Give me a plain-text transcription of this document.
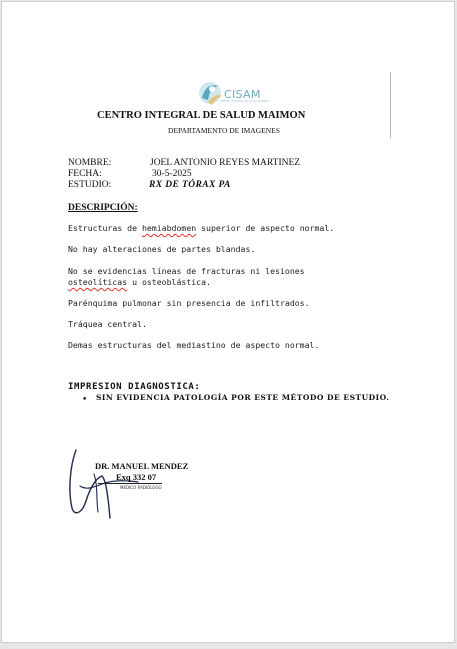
CISAM
CENTRO INTEGRAL DE SALUD MAIMON
CENTRO INTEGRAL DE SALUD MAIMON
DEPARTAMENTO DE IMAGENES
NOMBRE:	JOEL ANTONIO REYES MARTINEZ
FECHA:	30-5-2025
ESTUDIO:	RX DE TÓRAX PA
DESCRIPCIÓN:
Estructuras de hemiabdomen superior de aspecto normal.
No hay alteraciones de partes blandas.
No se evidencias líneas de fracturas ni lesiones osteolíticas u osteoblástica.
Parénquima pulmonar sin presencia de infiltrados.
Tráquea central.
Demas estructuras del mediastino de aspecto normal.
IMPRESION DIAGNOSTICA:
• SIN EVIDENCIA PATOLOGÍA POR ESTE MÉTODO DE ESTUDIO.
DR. MANUEL MENDEZ
Exq 332 07
MEDICO RADIOLOGO
